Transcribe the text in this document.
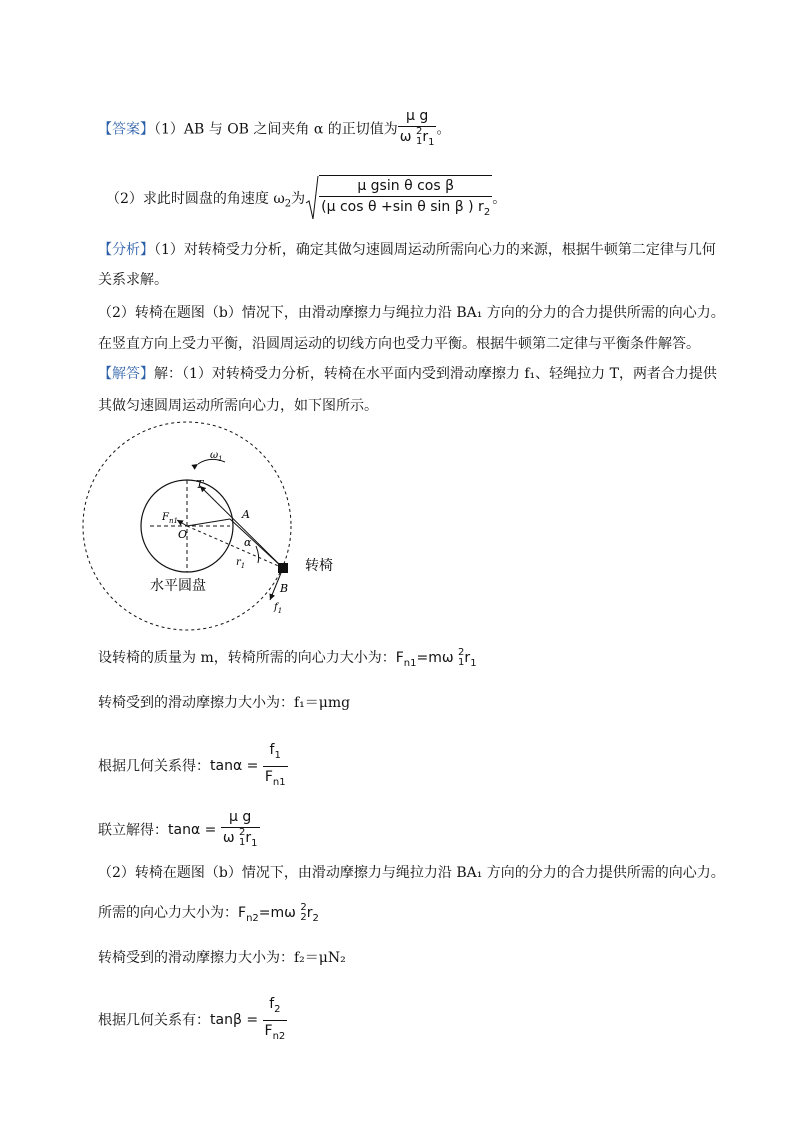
【答案】（1）AB 与 OB 之间夹角 α 的正切值为 μ g
ω 2
1 $r_1$ 。
（2）求此时圆盘的角速度 $\omega_2$为 $\frac{\text{μ gsin θ cos β}}{(\mu \cos \theta +\sin \theta \sin \beta ) r_2}$ 。
【分析】（1）对转椅受力分析，确定其做匀速圆周运动所需向心力的来源，根据牛顿第二定律与几何
关系求解。
（2）转椅在题图（b）情况下，由滑动摩擦力与绳拉力沿 BA₁ 方向的分力的合力提供所需的向心力。
在竖直方向上受力平衡，沿圆周运动的切线方向也受力平衡。根据牛顿第二定律与平衡条件解答。
【解答】解：（1）对转椅受力分析，转椅在水平面内受到滑动摩擦力 f₁、轻绳拉力 T，两者合力提供
其做匀速圆周运动所需向心力，如下图所示。
$\omega_1$
T
$F_{n1}$	A
O
α
$r_1$
B
$f_1$
转椅
水平圆盘
设转椅的质量为 m，转椅所需的向心力大小为：$F_{n1}=m\omega$ 2
1 $r_1$
转椅受到的滑动摩擦力大小为：f₁＝μmg
根据几何关系得：$\tan\alpha = \frac{f_1}{F_{n1}}$
联立解得：tanα = μ g
ω 2
1 $r_1$
（2）转椅在题图（b）情况下，由滑动摩擦力与绳拉力沿 BA₁ 方向的分力的合力提供所需的向心力。
所需的向心力大小为：$F_{n2}=m\omega$ 2
2 $r_2$
转椅受到的滑动摩擦力大小为：f₂＝μN₂
根据几何关系有：$\tan\beta = \frac{f_2}{F_{n2}}$
